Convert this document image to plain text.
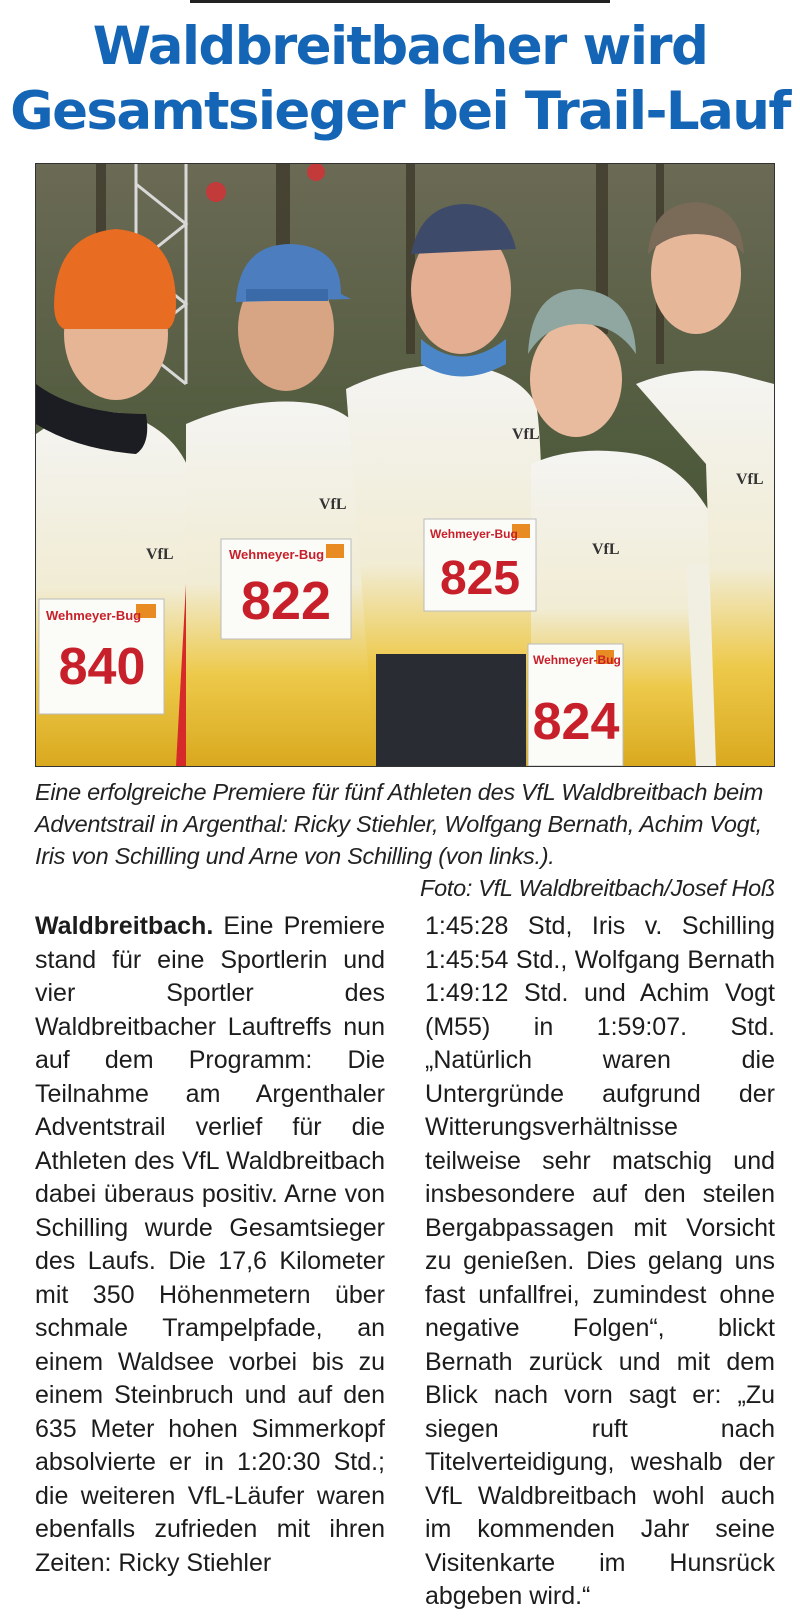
Waldbreitbacher wird
Gesamtsieger bei Trail-Lauf
Wehmeyer-Bug
840
Wehmeyer-Bug
822
Wehmeyer-Bug
825
Wehmeyer-Bug
824
VfL
VfL
VfL
VfL
VfL
Eine erfolgreiche Premiere für fünf Athleten des VfL Waldbreitbach beim Adventstrail in Argenthal: Ricky Stiehler, Wolfgang Bernath, Achim Vogt, Iris von Schilling und Arne von Schilling (von links.).
Foto: VfL Waldbreitbach/Josef Hoß
Waldbreitbach. Eine Premiere stand für eine Sportlerin und vier Sportler des Waldbreitbacher Lauftreffs nun auf dem Programm: Die Teilnahme am Argenthaler Adventstrail verlief für die Athleten des VfL Waldbreitbach dabei überaus positiv. Arne von Schilling wurde Gesamtsieger des Laufs. Die 17,6 Kilometer mit 350 Höhenmetern über schmale Trampelpfade, an einem Waldsee vorbei bis zu einem Steinbruch und auf den 635 Meter hohen Simmerkopf absolvierte er in 1:20:30 Std.; die weiteren VfL-Läufer waren ebenfalls zufrieden mit ihren Zeiten: Ricky Stiehler
1:45:28 Std, Iris v. Schilling 1:45:54 Std., Wolfgang Bernath 1:49:12 Std. und Achim Vogt (M55) in 1:59:07. Std. „Natürlich waren die Untergründe aufgrund der Witterungsverhältnisse teilweise sehr matschig und insbesondere auf den steilen Bergabpassagen mit Vorsicht zu genießen. Dies gelang uns fast unfallfrei, zumindest ohne negative Folgen“, blickt Bernath zurück und mit dem Blick nach vorn sagt er: „Zu siegen ruft nach Titelverteidigung, weshalb der VfL Waldbreitbach wohl auch im kommenden Jahr seine Visitenkarte im Hunsrück abgeben wird.“
